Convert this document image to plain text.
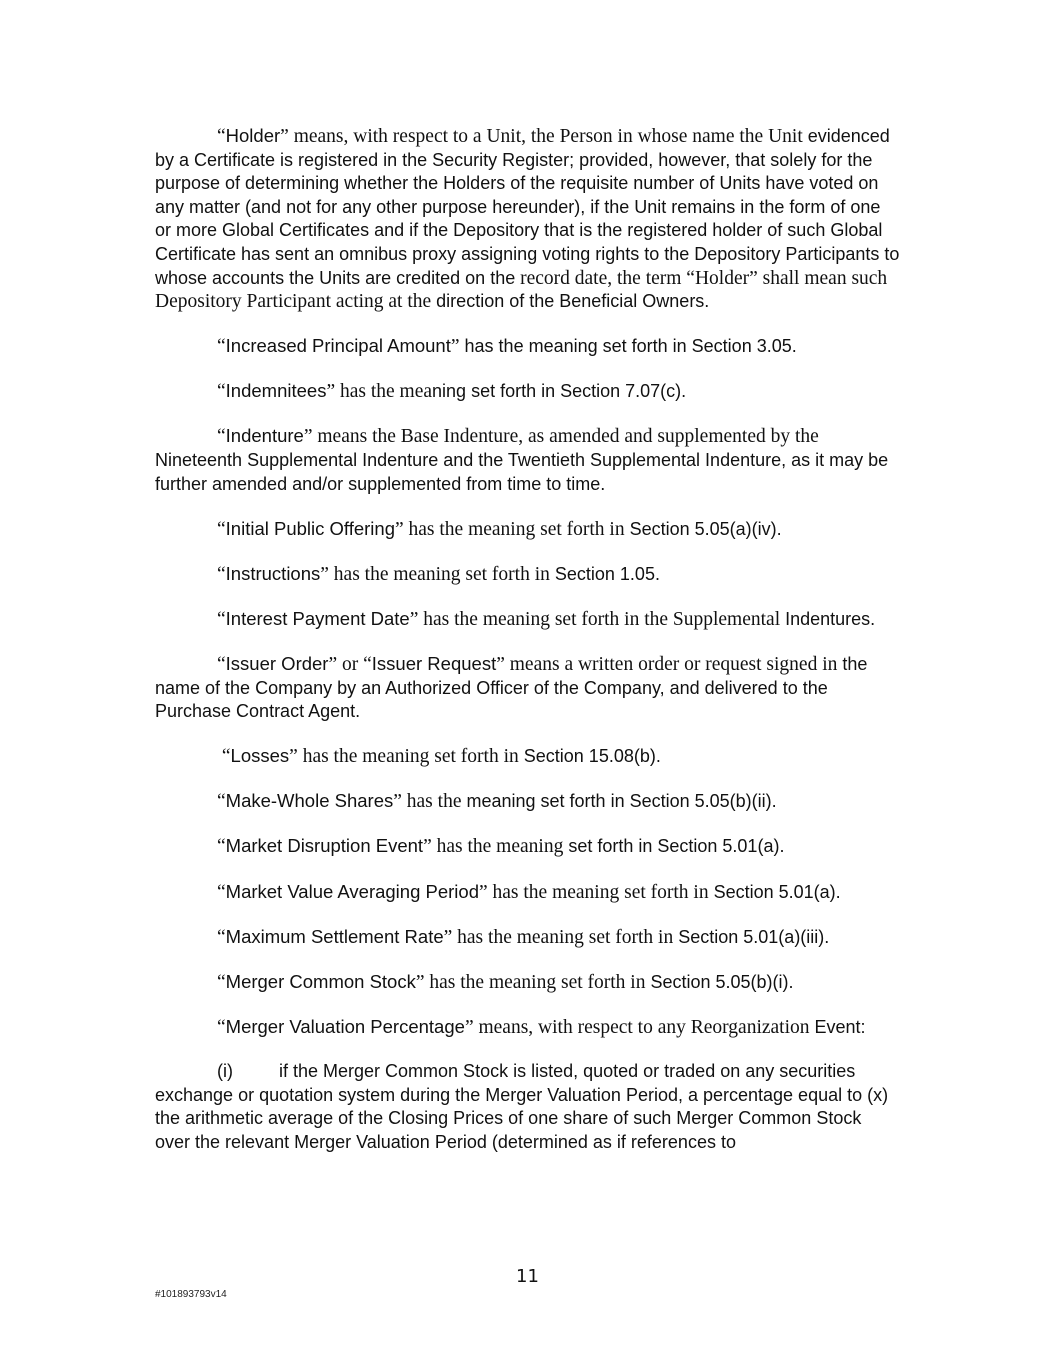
“Holder” means, with respect to a Unit, the Person in whose name the Unit evidenced by a Certificate is registered in the Security Register; provided, however, that solely for the purpose of determining whether the Holders of the requisite number of Units have voted on any matter (and not for any other purpose hereunder), if the Unit remains in the form of one or more Global Certificates and if the Depository that is the registered holder of such Global Certificate has sent an omnibus proxy assigning voting rights to the Depository Participants to whose accounts the Units are credited on the record date, the term “Holder” shall mean such Depository Participant acting at the direction of the Beneficial Owners.

“Increased Principal Amount” has the meaning set forth in Section 3.05.

“Indemnitees” has the meaning set forth in Section 7.07(c).

“Indenture” means the Base Indenture, as amended and supplemented by the Nineteenth Supplemental Indenture and the Twentieth Supplemental Indenture, as it may be further amended and/or supplemented from time to time.

“Initial Public Offering” has the meaning set forth in Section 5.05(a)(iv).

“Instructions” has the meaning set forth in Section 1.05.

“Interest Payment Date” has the meaning set forth in the Supplemental Indentures.

“Issuer Order” or “Issuer Request” means a written order or request signed in the name of the Company by an Authorized Officer of the Company, and delivered to the Purchase Contract Agent.

“Losses” has the meaning set forth in Section 15.08(b).

“Make-Whole Shares” has the meaning set forth in Section 5.05(b)(ii).

“Market Disruption Event” has the meaning set forth in Section 5.01(a).

“Market Value Averaging Period” has the meaning set forth in Section 5.01(a).

“Maximum Settlement Rate” has the meaning set forth in Section 5.01(a)(iii).

“Merger Common Stock” has the meaning set forth in Section 5.05(b)(i).

“Merger Valuation Percentage” means, with respect to any Reorganization Event:

(i)	if the Merger Common Stock is listed, quoted or traded on any securities exchange or quotation system during the Merger Valuation Period, a percentage equal to (x) the arithmetic average of the Closing Prices of one share of such Merger Common Stock over the relevant Merger Valuation Period (determined as if references to

11
#101893793v14
